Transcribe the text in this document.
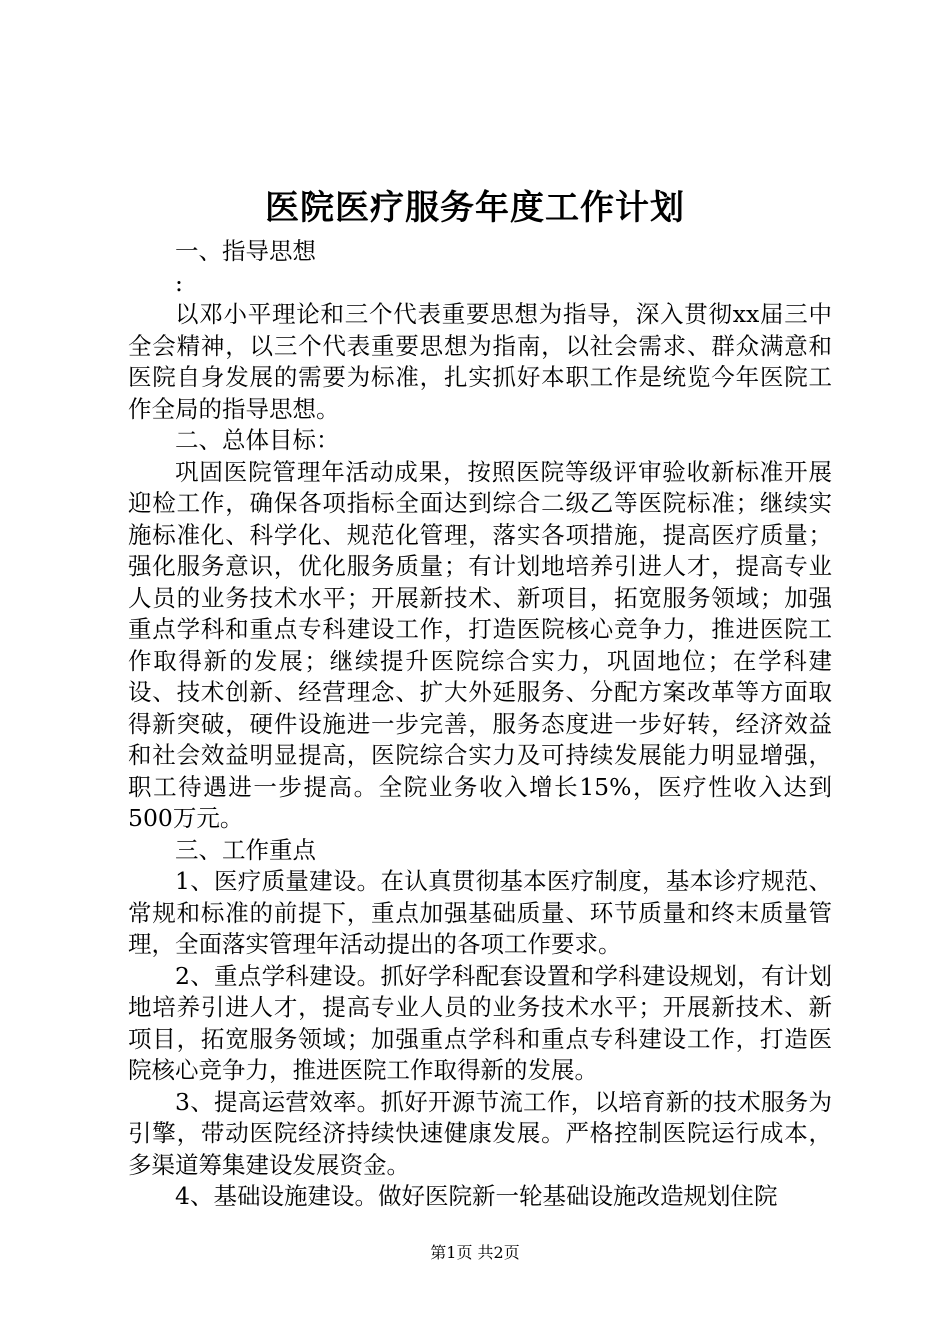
医院医疗服务年度工作计划

一、指导思想

:

以邓小平理论和三个代表重要思想为指导，深入贯彻xx届三中全会精神，以三个代表重要思想为指南，以社会需求、群众满意和医院自身发展的需要为标准，扎实抓好本职工作是统览今年医院工作全局的指导思想。

二、总体目标：

巩固医院管理年活动成果，按照医院等级评审验收新标准开展迎检工作，确保各项指标全面达到综合二级乙等医院标准；继续实施标准化、科学化、规范化管理，落实各项措施，提高医疗质量；强化服务意识，优化服务质量；有计划地培养引进人才，提高专业人员的业务技术水平；开展新技术、新项目，拓宽服务领域；加强重点学科和重点专科建设工作，打造医院核心竞争力，推进医院工作取得新的发展；继续提升医院综合实力，巩固地位；在学科建设、技术创新、经营理念、扩大外延服务、分配方案改革等方面取得新突破，硬件设施进一步完善，服务态度进一步好转，经济效益和社会效益明显提高，医院综合实力及可持续发展能力明显增强，职工待遇进一步提高。全院业务收入增长15%，医疗性收入达到500万元。

三、工作重点

1、医疗质量建设。在认真贯彻基本医疗制度，基本诊疗规范、常规和标准的前提下，重点加强基础质量、环节质量和终末质量管理，全面落实管理年活动提出的各项工作要求。

2、重点学科建设。抓好学科配套设置和学科建设规划，有计划地培养引进人才，提高专业人员的业务技术水平；开展新技术、新项目，拓宽服务领域；加强重点学科和重点专科建设工作，打造医院核心竞争力，推进医院工作取得新的发展。

3、提高运营效率。抓好开源节流工作，以培育新的技术服务为引擎，带动医院经济持续快速健康发展。严格控制医院运行成本，多渠道筹集建设发展资金。

4、基础设施建设。做好医院新一轮基础设施改造规划住院

第1页 共2页
